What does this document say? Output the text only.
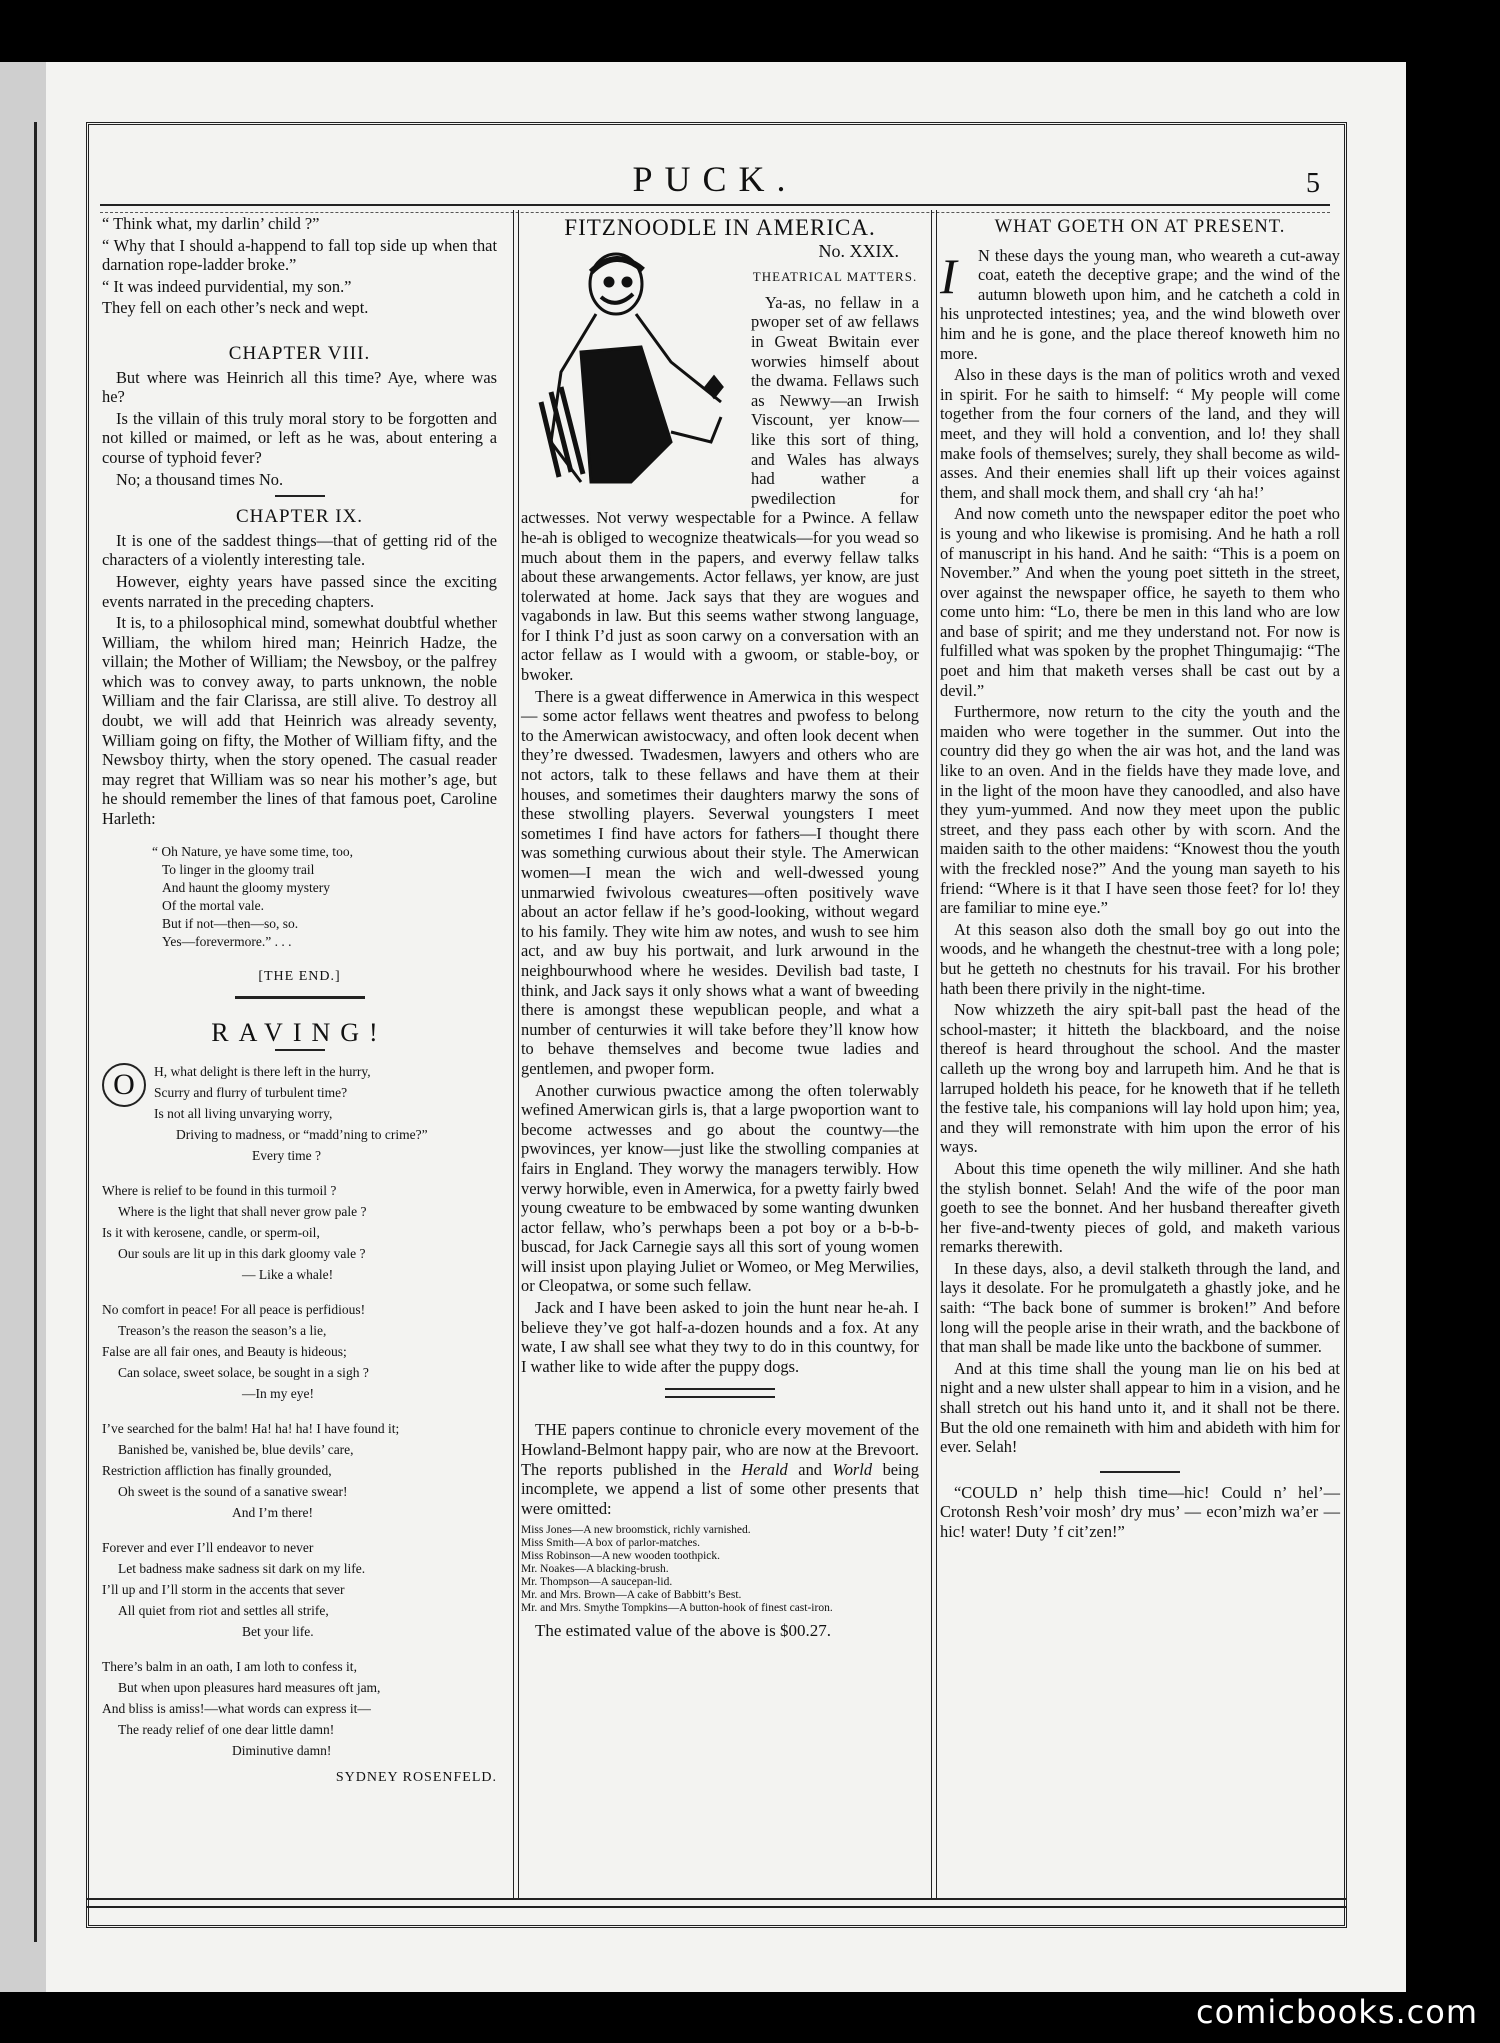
PUCK.	5

“ Think what, my darlin’ child ?”

“ Why that I should a-happend to fall top side up when that darnation rope-ladder broke.”

“ It was indeed purvidential, my son.”

They fell on each other’s neck and wept.

CHAPTER VIII.

But where was Heinrich all this time? Aye, where was he?

Is the villain of this truly moral story to be forgotten and not killed or maimed, or left as he was, about entering a course of typhoid fever?

No; a thousand times No.

CHAPTER IX.

It is one of the saddest things—that of getting rid of the characters of a violently interesting tale.

However, eighty years have passed since the exciting events narrated in the preceding chapters.

It is, to a philosophical mind, somewhat doubtful whether William, the whilom hired man; Heinrich Hadze, the villain; the Mother of William; the Newsboy, or the palfrey which was to convey away, to parts unknown, the noble William and the fair Clarissa, are still alive. To destroy all doubt, we will add that Heinrich was already seventy, William going on fifty, the Mother of William fifty, and the Newsboy thirty, when the story opened. The casual reader may regret that William was so near his mother’s age, but he should remember the lines of that famous poet, Caroline Harleth:

“ Oh Nature, ye have some time, too,
To linger in the gloomy trail
And haunt the gloomy mystery
Of the mortal vale.
But if not—then—so, so.
Yes—forevermore.” . . .
[THE END.]
RAVING!
O	H, what delight is there left in the hurry,
Scurry and flurry of turbulent time?
Is not all living unvarying worry,
Driving to madness, or “madd’ning to crime?”
Every time ?
Where is relief to be found in this turmoil ?
Where is the light that shall never grow pale ?
Is it with kerosene, candle, or sperm-oil,
Our souls are lit up in this dark gloomy vale ?
— Like a whale!
No comfort in peace! For all peace is perfidious!
Treason’s the reason the season’s a lie,
False are all fair ones, and Beauty is hideous;
Can solace, sweet solace, be sought in a sigh ?
—In my eye!
I’ve searched for the balm! Ha! ha! ha! I have found it;
Banished be, vanished be, blue devils’ care,
Restriction affliction has finally grounded,
Oh sweet is the sound of a sanative swear!
And I’m there!
Forever and ever I’ll endeavor to never
Let badness make sadness sit dark on my life.
I’ll up and I’ll storm in the accents that sever
All quiet from riot and settles all strife,
Bet your life.
There’s balm in an oath, I am loth to confess it,
But when upon pleasures hard measures oft jam,
And bliss is amiss!—what words can express it—
The ready relief of one dear little damn!
Diminutive damn!
SYDNEY ROSENFELD.
FITZNOODLE IN AMERICA.
No. XXIX.
THEATRICAL MATTERS.

Ya-as, no fellaw in a pwoper set of aw fellaws in Gweat Bwitain ever worwies himself about the dwama. Fellaws such as Newwy—an Irwish Viscount, yer know—like this sort of thing, and Wales has always had wather a pwedilection for actwesses. Not verwy wespectable for a Pwince. A fellaw he-ah is obliged to wecognize theatwicals—for you wead so much about them in the papers, and everwy fellaw talks about these arwangements. Actor fellaws, yer know, are just tolerwated at home. Jack says that they are wogues and vagabonds in law. But this seems wather stwong language, for I think I’d just as soon carwy on a conversation with an actor fellaw as I would with a gwoom, or stable-boy, or bwoker.

There is a gweat differwence in Amerwica in this wespect— some actor fellaws went theatres and pwofess to belong to the Amerwican awistocwacy, and often look decent when they’re dwessed. Twadesmen, lawyers and others who are not actors, talk to these fellaws and have them at their houses, and sometimes their daughters marwy the sons of these stwolling players. Severwal youngsters I meet sometimes I find have actors for fathers—I thought there was something curwious about their style. The Amerwican women—I mean the wich and well-dwessed young unmarwied fwivolous cweatures—often positively wave about an actor fellaw if he’s good-looking, without wegard to his family. They wite him aw notes, and wush to see him act, and aw buy his portwait, and lurk arwound in the neighbourwhood where he wesides. Devilish bad taste, I think, and Jack says it only shows what a want of bweeding there is amongst these wepublican people, and what a number of centurwies it will take before they’ll know how to behave themselves and become twue ladies and gentlemen, and pwoper form.

Another curwious pwactice among the often tolerwably wefined Amerwican girls is, that a large pwoportion want to become actwesses and go about the countwy—the pwovinces, yer know—just like the stwolling companies at fairs in England. They worwy the managers terwibly. How verwy horwible, even in Amerwica, for a pwetty fairly bwed young cweature to be embwaced by some wanting dwunken actor fellaw, who’s perwhaps been a pot boy or a b-b-b-buscad, for Jack Carnegie says all this sort of young women will insist upon playing Juliet or Womeo, or Meg Merwilies, or Cleopatwa, or some such fellaw.

Jack and I have been asked to join the hunt near he-ah. I believe they’ve got half-a-dozen hounds and a fox. At any wate, I aw shall see what they twy to do in this countwy, for I wather like to wide after the puppy dogs.

THE papers continue to chronicle every movement of the Howland-Belmont happy pair, who are now at the Brevoort. The reports published in the Herald and World being incomplete, we append a list of some other presents that were omitted:

Miss Jones—A new broomstick, richly varnished.
Miss Smith—A box of parlor-matches.
Miss Robinson—A new wooden toothpick.
Mr. Noakes—A blacking-brush.
Mr. Thompson—A saucepan-lid.
Mr. and Mrs. Brown—A cake of Babbitt’s Best.
Mr. and Mrs. Smythe Tompkins—A button-hook of finest cast-iron.

The estimated value of the above is $00.27.

WHAT GOETH ON AT PRESENT.

I	N these days the young man, who weareth a cut-away coat, eateth the deceptive grape; and the wind of the autumn bloweth upon him, and he catcheth a cold in his unprotected intestines; yea, and the wind bloweth over him and he is gone, and the place thereof knoweth him no more.

Also in these days is the man of politics wroth and vexed in spirit. For he saith to himself: “ My people will come together from the four corners of the land, and they will meet, and they will hold a convention, and lo! they shall make fools of themselves; surely, they shall become as wild-asses. And their enemies shall lift up their voices against them, and shall mock them, and shall cry ‘ah ha!’

And now cometh unto the newspaper editor the poet who is young and who likewise is promising. And he hath a roll of manuscript in his hand. And he saith: “This is a poem on November.” And when the young poet sitteth in the street, over against the newspaper office, he sayeth to them who come unto him: “Lo, there be men in this land who are low and base of spirit; and me they understand not. For now is fulfilled what was spoken by the prophet Thingumajig: “The poet and him that maketh verses shall be cast out by a devil.”

Furthermore, now return to the city the youth and the maiden who were together in the summer. Out into the country did they go when the air was hot, and the land was like to an oven. And in the fields have they made love, and in the light of the moon have they canoodled, and also have they yum-yummed. And now they meet upon the public street, and they pass each other by with scorn. And the maiden saith to the other maidens: “Knowest thou the youth with the freckled nose?” And the young man sayeth to his friend: “Where is it that I have seen those feet? for lo! they are familiar to mine eye.”

At this season also doth the small boy go out into the woods, and he whangeth the chestnut-tree with a long pole; but he getteth no chestnuts for his travail. For his brother hath been there privily in the night-time.

Now whizzeth the airy spit-ball past the head of the school-master; it hitteth the blackboard, and the noise thereof is heard throughout the school. And the master calleth up the wrong boy and larrupeth him. And he that is larruped holdeth his peace, for he knoweth that if he telleth the festive tale, his companions will lay hold upon him; yea, and they will remonstrate with him upon the error of his ways.

About this time openeth the wily milliner. And she hath the stylish bonnet. Selah! And the wife of the poor man goeth to see the bonnet. And her husband thereafter giveth her five-and-twenty pieces of gold, and maketh various remarks therewith.

In these days, also, a devil stalketh through the land, and lays it desolate. For he promulgateth a ghastly joke, and he saith: “The back bone of summer is broken!” And before long will the people arise in their wrath, and the backbone of that man shall be made like unto the backbone of summer.

And at this time shall the young man lie on his bed at night and a new ulster shall appear to him in a vision, and he shall stretch out his hand unto it, and it shall not be there. But the old one remaineth with him and abideth with him for ever. Selah!

“COULD n’ help thish time—hic! Could n’ hel’—Crotonsh Resh’voir mosh’ dry mus’ — econ’mizh wa’er — hic! water! Duty ’f cit’zen!”

comicbooks.com
